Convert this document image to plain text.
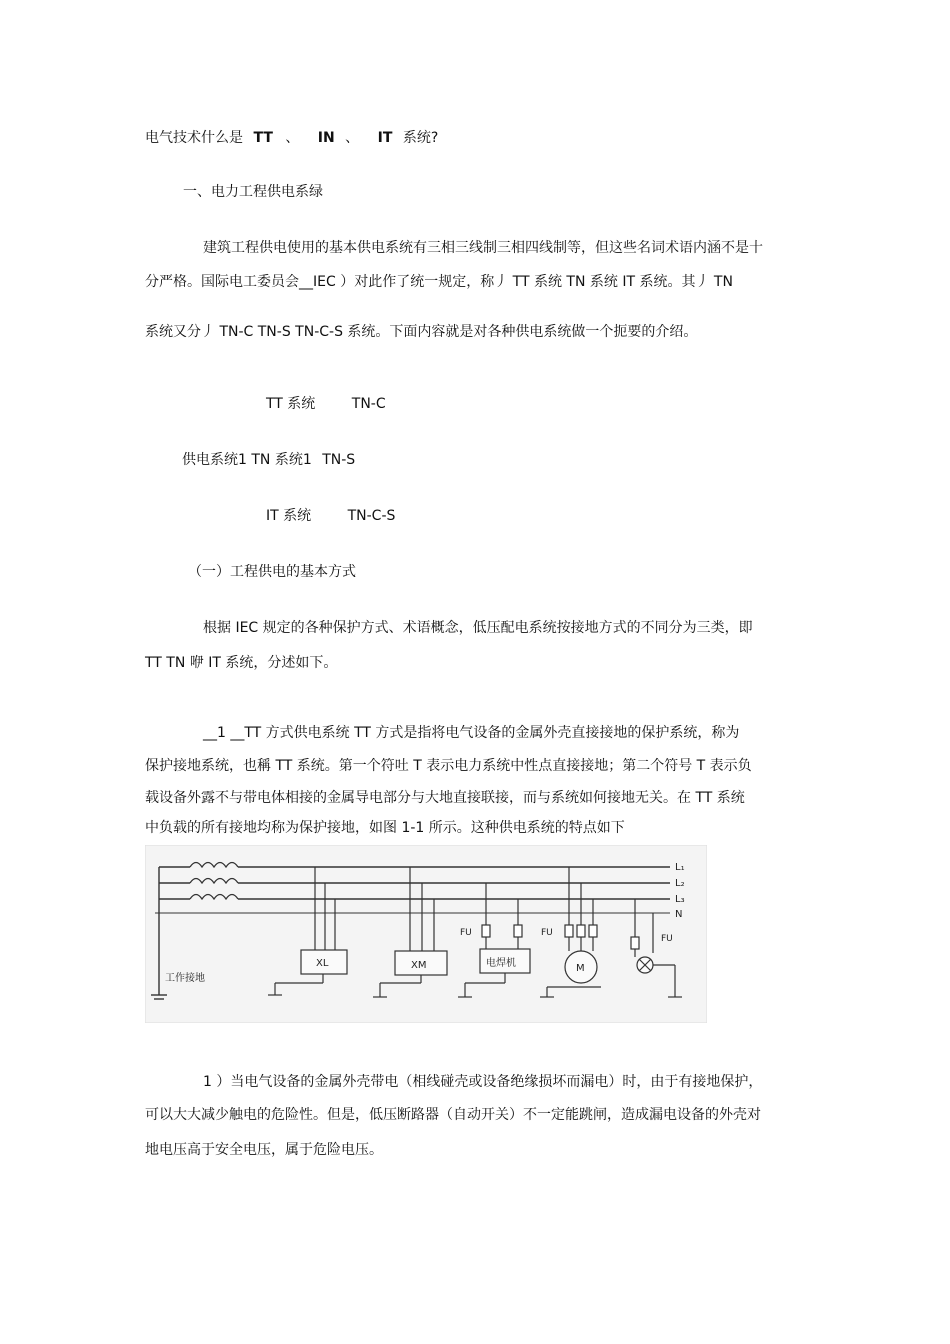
电气技术什么是 TT 、 IN 、 IT 系统?
一、电力工程供电系绿
建筑工程供电使用的基本供电系统有三相三线制三相四线制等，但这些名词术语内涵不是十
分严格。国际电工委员会__IEC ）对此作了统一规定，称丿 TT 系统 TN 系统 IT 系统。其丿 TN
系统又分丿 TN-C TN-S TN-C-S 系统。下面内容就是对各种供电系统做一个扼要的介绍。
TT 系统	TN-C
供电系统1 TN 系统1 TN-S
IT 系统	TN-C-S
（一）工程供电的基本方式
根据 IEC 规定的各种保护方式、术语概念，低压配电系统按接地方式的不同分为三类，即
TT TN 咿 IT 系统，分述如下。
__1 __TT 方式供电系统 TT 方式是指将电气设备的金属外壳直接接地的保护系统，称为
保护接地系统，也稱 TT 系统。第一个符吐 T 表示电力系统中性点直接接地；第二个符号 T 表示负
载设备外露不与带电体相接的金属导电部分与大地直接联接，而与系统如何接地无关。在 TT 系统
中负载的所有接地均称为保护接地，如图 1-1 所示。这种供电系统的特点如下
L₁
L₂
L₃
N
工作接地
XL	XM
FU
电焊机
FU
M
FU
1 ）当电气设备的金属外壳带电（相线碰壳或设备绝缘损坏而漏电）时，由于有接地保护，
可以大大减少触电的危险性。但是，低压断路器（自动开关）不一定能跳闸，造成漏电设备的外壳对
地电压高于安全电压，属于危险电压。
